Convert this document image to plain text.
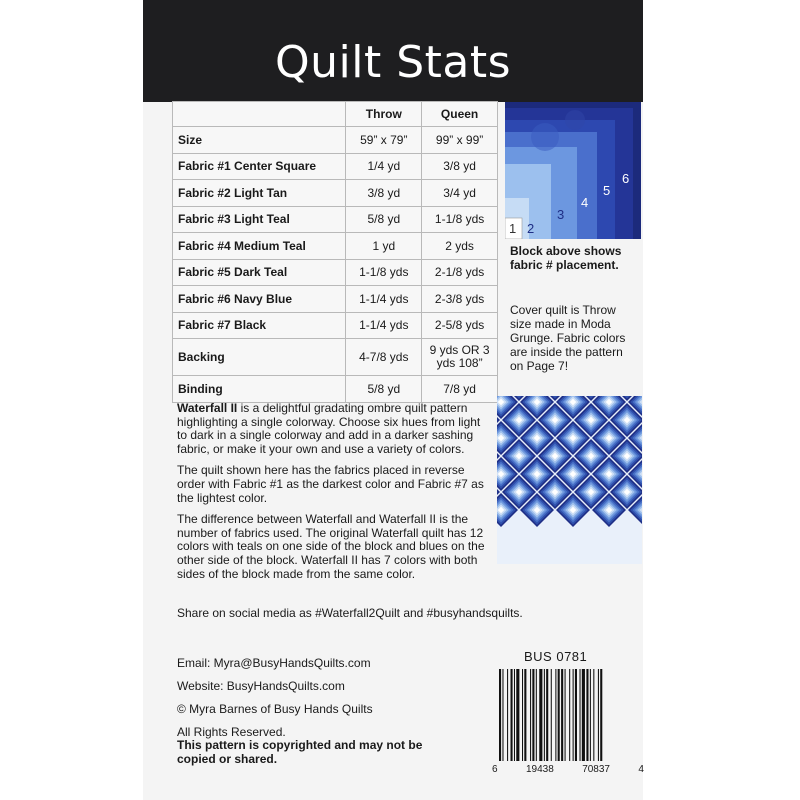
Quilt Stats
	Throw	Queen
Size	59” x 79”	99” x 99”
Fabric #1 Center Square	1/4 yd	3/8 yd
Fabric #2 Light Tan	3/8 yd	3/4 yd
Fabric #3 Light Teal	5/8 yd	1-1/8 yds
Fabric #4 Medium Teal	1 yd	2 yds
Fabric #5 Dark Teal	1-1/8 yds	2-1/8 yds
Fabric #6 Navy Blue	1-1/4 yds	2-3/8 yds
Fabric #7 Black	1-1/4 yds	2-5/8 yds
Backing	4-7/8 yds	9 yds OR 3 yds 108”
Binding	5/8 yd	7/8 yd
1 2
3
4
5
6
Block above shows fabric # placement.
Cover quilt is Throw size made in Moda Grunge. Fabric colors are inside the pattern on Page 7!

Waterfall II is a delightful gradating ombre quilt pattern highlighting a single colorway. Choose six hues from light to dark in a single colorway and add in a darker sashing fabric, or make it your own and use a variety of colors.

The quilt shown here has the fabrics placed in reverse order with Fabric #1 as the darkest color and Fabric #7 as the lightest color.

The difference between Waterfall and Waterfall II is the number of fabrics used. The original Waterfall quilt has 12 colors with teals on one side of the block and blues on the other side of the block. Waterfall II has 7 colors with both sides of the block made from the same color.

Share on social media as #Waterfall2Quilt and #busyhandsquilts.
Email: Myra@BusyHandsQuilts.com
Website: BusyHandsQuilts.com
© Myra Barnes of Busy Hands Quilts
All Rights Reserved.
This pattern is copyrighted and may not be copied or shared.
BUS 0781
6	19438	70837	4
